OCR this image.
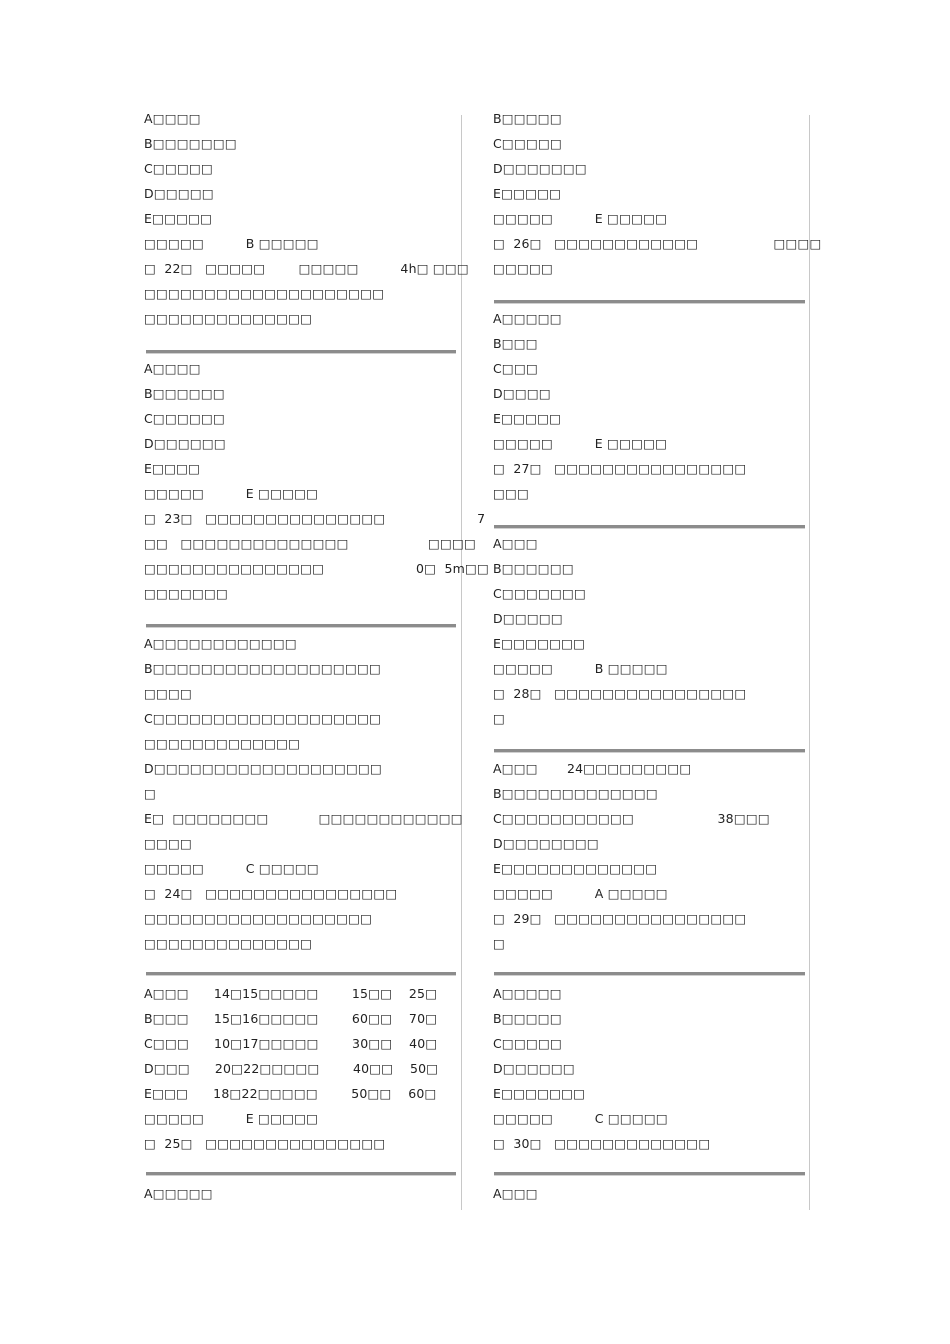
A□□□□
B□□□□□□□
C□□□□□
D□□□□□
E□□□□□
□□□□□          B □□□□□
□  22□   □□□□□        □□□□□          4h□ □□□
□□□□□□□□□□□□□□□□□□□□
□□□□□□□□□□□□□□
A□□□□
B□□□□□□
C□□□□□□
D□□□□□□
E□□□□
□□□□□          E □□□□□
□  23□   □□□□□□□□□□□□□□□                      7
□□   □□□□□□□□□□□□□□                   □□□□
□□□□□□□□□□□□□□□                      0□  5m□□
□□□□□□□
A□□□□□□□□□□□□
B□□□□□□□□□□□□□□□□□□□
□□□□
C□□□□□□□□□□□□□□□□□□□
□□□□□□□□□□□□□
D□□□□□□□□□□□□□□□□□□□
□
E□  □□□□□□□□            □□□□□□□□□□□□
□□□□
□□□□□          C □□□□□
□  24□   □□□□□□□□□□□□□□□□
□□□□□□□□□□□□□□□□□□□
□□□□□□□□□□□□□□
A□□□      14□15□□□□□        15□□    25□
B□□□      15□16□□□□□        60□□    70□
C□□□      10□17□□□□□        30□□    40□
D□□□      20□22□□□□□        40□□    50□
E□□□      18□22□□□□□        50□□    60□
□□□□□          E □□□□□
□  25□   □□□□□□□□□□□□□□□
A□□□□□
B□□□□□
C□□□□□
D□□□□□□□
E□□□□□
□□□□□          E □□□□□
□  26□   □□□□□□□□□□□□                  □□□□
□□□□□
A□□□□□
B□□□
C□□□
D□□□□
E□□□□□
□□□□□          E □□□□□
□  27□   □□□□□□□□□□□□□□□□
□□□
A□□□
B□□□□□□
C□□□□□□□
D□□□□□
E□□□□□□□
□□□□□          B □□□□□
□  28□   □□□□□□□□□□□□□□□□
□
A□□□       24□□□□□□□□□
B□□□□□□□□□□□□□
C□□□□□□□□□□□                    38□□□
D□□□□□□□□
E□□□□□□□□□□□□□
□□□□□          A □□□□□
□  29□   □□□□□□□□□□□□□□□□
□
A□□□□□
B□□□□□
C□□□□□
D□□□□□□
E□□□□□□□
□□□□□          C □□□□□
□  30□   □□□□□□□□□□□□□
A□□□
